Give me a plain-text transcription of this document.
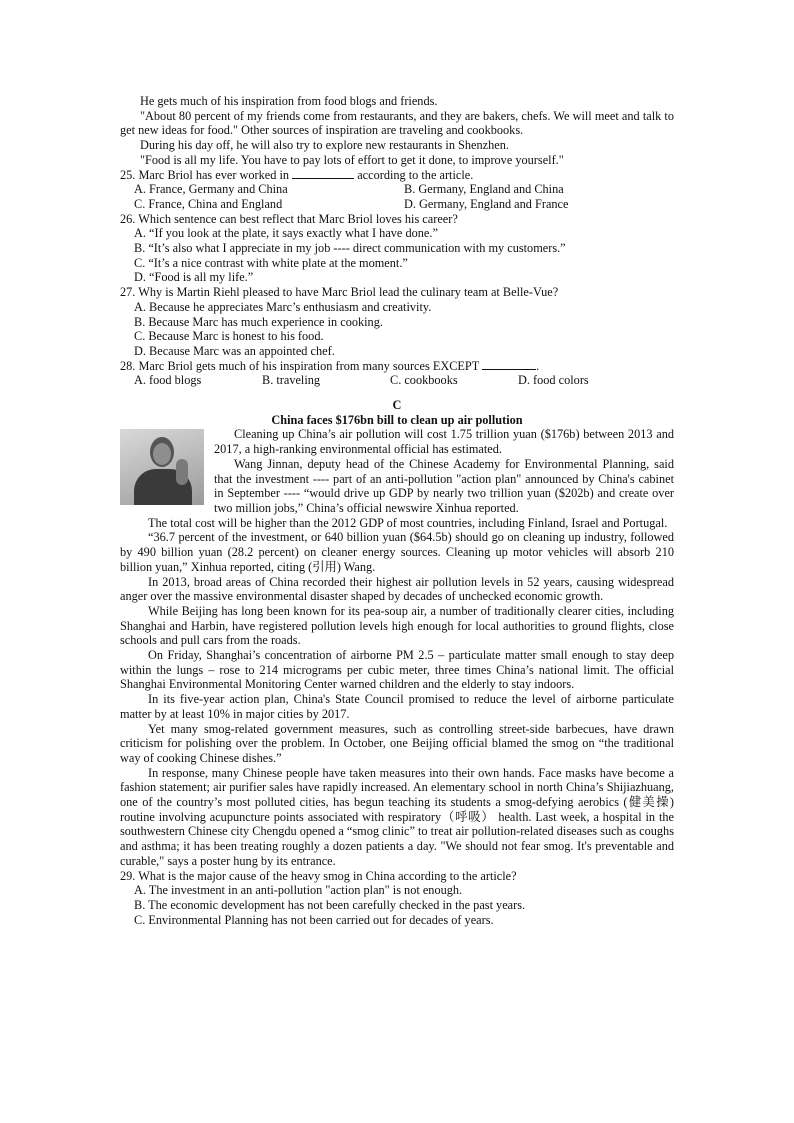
He gets much of his inspiration from food blogs and friends.

"About 80 percent of my friends come from restaurants, and they are bakers, chefs. We will meet and talk to get new ideas for food." Other sources of inspiration are traveling and cookbooks.

During his day off, he will also try to explore new restaurants in Shenzhen.

"Food is all my life. You have to pay lots of effort to get it done, to improve yourself."

25. Marc Briol has ever worked in	according to the article.
A. France, Germany and China	B. Germany, England and China
C. France, China and England	D. Germany, England and France
26. Which sentence can best reflect that Marc Briol loves his career?
A. “If you look at the plate, it says exactly what I have done.”
B. “It’s also what I appreciate in my job ---- direct communication with my customers.”
C. “It’s a nice contrast with white plate at the moment.”
D. “Food is all my life.”
27. Why is Martin Riehl pleased to have Marc Briol lead the culinary team at Belle-Vue?
A. Because he appreciates Marc’s enthusiasm and creativity.
B. Because Marc has much experience in cooking.
C. Because Marc is honest to his food.
D. Because Marc was an appointed chef.
28. Marc Briol gets much of his inspiration from many sources EXCEPT	.
A. food blogs	B. traveling	C. cookbooks	D. food colors
C
China faces $176bn bill to clean up air pollution

Cleaning up China’s air pollution will cost 1.75 trillion yuan ($176b) between 2013 and 2017, a high-ranking environmental official has estimated.

Wang Jinnan, deputy head of the Chinese Academy for Environmental Planning, said that the investment ---- part of an anti-pollution "action plan" announced by China's cabinet in September ---- “would drive up GDP by nearly two trillion yuan ($202b) and create over two million jobs,” China’s official newswire Xinhua reported.

The total cost will be higher than the 2012 GDP of most countries, including Finland, Israel and Portugal.

“36.7 percent of the investment, or 640 billion yuan ($64.5b) should go on cleaning up industry, followed by 490 billion yuan (28.2 percent) on cleaner energy sources. Cleaning up motor vehicles will absorb 210 billion yuan,” Xinhua reported, citing (引用) Wang.

In 2013, broad areas of China recorded their highest air pollution levels in 52 years, causing widespread anger over the massive environmental disaster shaped by decades of unchecked economic growth.

While Beijing has long been known for its pea-soup air, a number of traditionally clearer cities, including Shanghai and Harbin, have registered pollution levels high enough for local authorities to ground flights, close schools and pull cars from the roads.

On Friday, Shanghai’s concentration of airborne PM 2.5 – particulate matter small enough to stay deep within the lungs – rose to 214 micrograms per cubic meter, three times China’s national limit. The official Shanghai Environmental Monitoring Center warned children and the elderly to stay indoors.

In its five-year action plan, China's State Council promised to reduce the level of airborne particulate matter by at least 10% in major cities by 2017.

Yet many smog-related government measures, such as controlling street-side barbecues, have drawn criticism for polishing over the problem. In October, one Beijing official blamed the smog on “the traditional way of cooking Chinese dishes.”

In response, many Chinese people have taken measures into their own hands. Face masks have become a fashion statement; air purifier sales have rapidly increased. An elementary school in north China’s Shijiazhuang, one of the country’s most polluted cities, has begun teaching its students a smog-defying aerobics (健美操) routine involving acupuncture points associated with respiratory（呼吸） health. Last week, a hospital in the southwestern Chinese city Chengdu opened a “smog clinic” to treat air pollution-related diseases such as coughs and asthma; it has been treating roughly a dozen patients a day. "We should not fear smog. It's preventable and curable," says a poster hung by its entrance.

29. What is the major cause of the heavy smog in China according to the article?
A. The investment in an anti-pollution "action plan" is not enough.
B. The economic development has not been carefully checked in the past years.
C. Environmental Planning has not been carried out for decades of years.
